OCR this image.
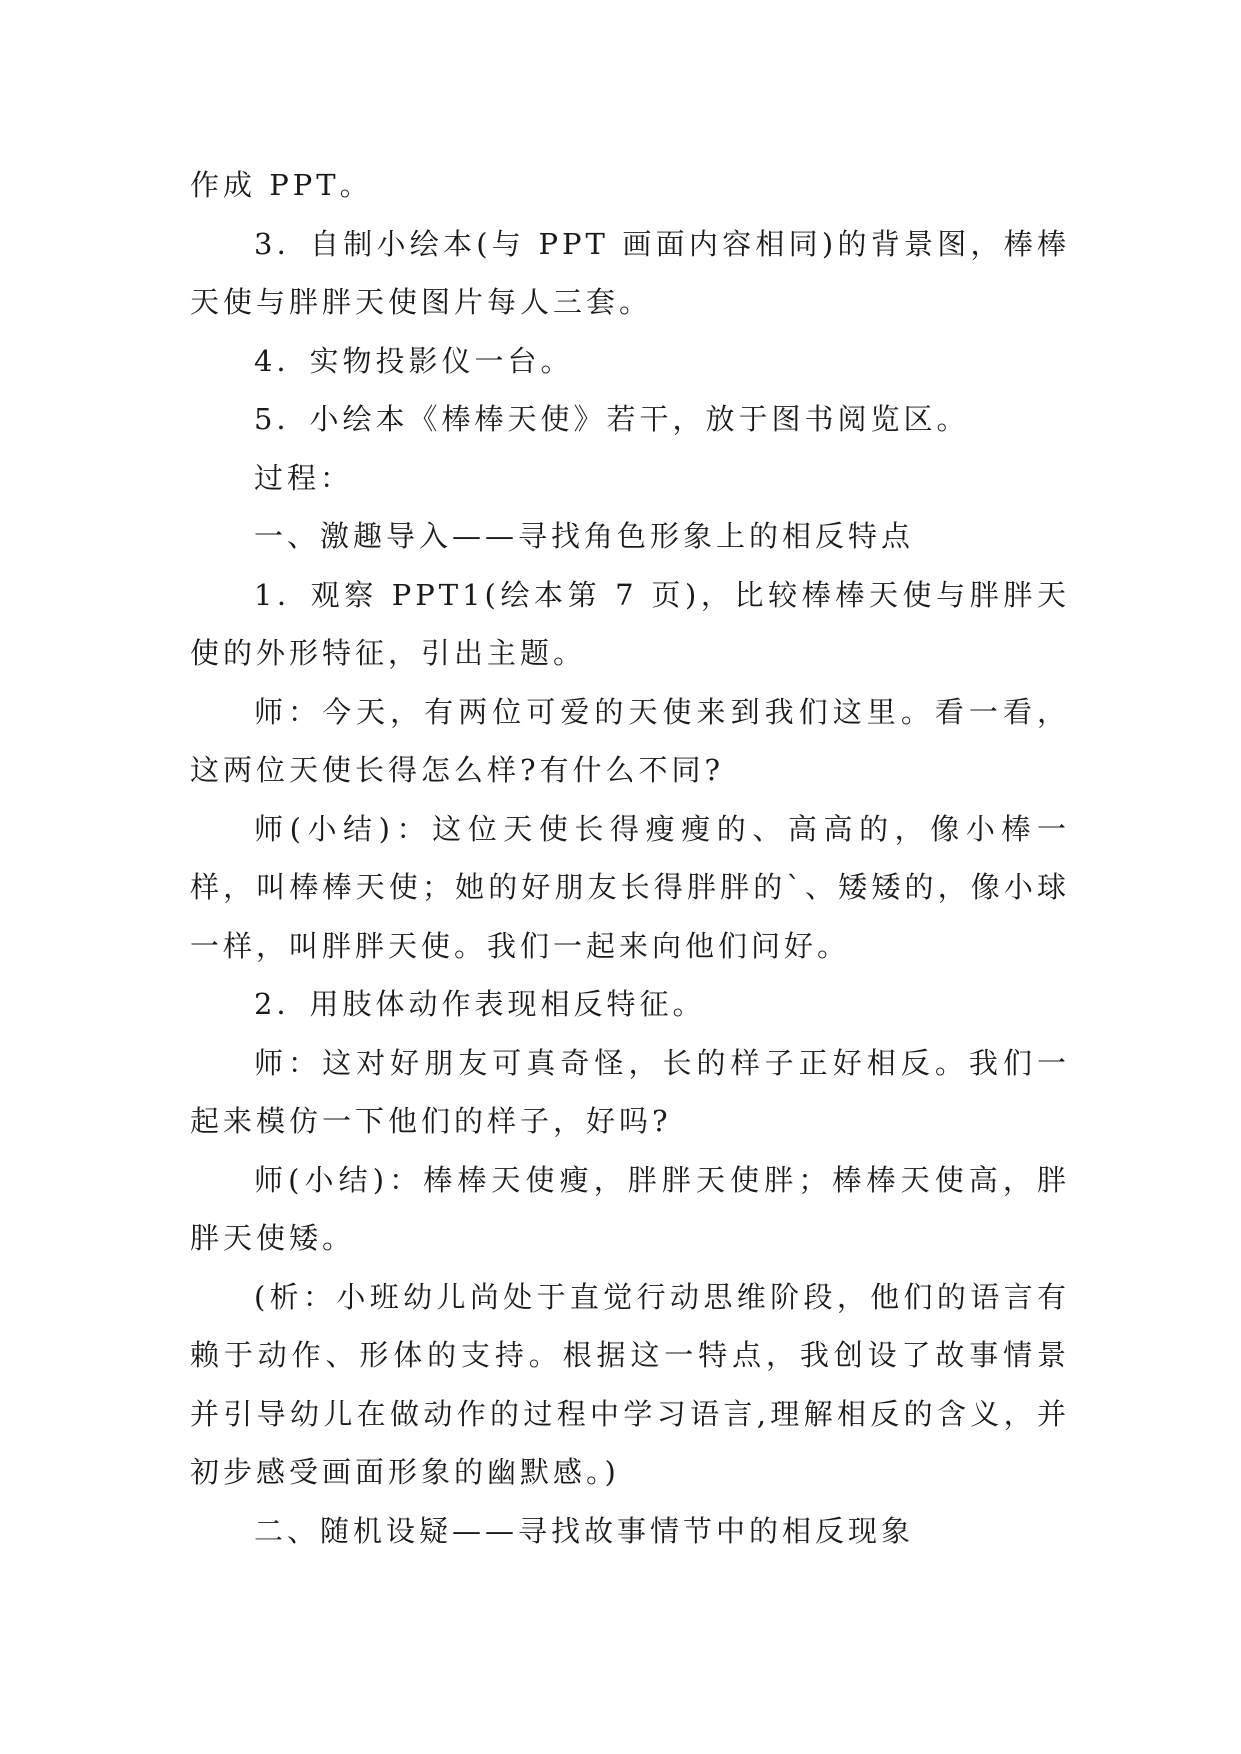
作成 PPT。

3．自制小绘本(与 PPT 画面内容相同)的背景图，棒棒天使与胖胖天使图片每人三套。

4．实物投影仪一台。

5．小绘本《棒棒天使》若干，放于图书阅览区。

过程：

一、激趣导入——寻找角色形象上的相反特点

1．观察 PPT1(绘本第 7 页)，比较棒棒天使与胖胖天使的外形特征，引出主题。

师：今天，有两位可爱的天使来到我们这里。看一看，这两位天使长得怎么样?有什么不同?

师(小结)：这位天使长得瘦瘦的、高高的，像小棒一样，叫棒棒天使；她的好朋友长得胖胖的`、矮矮的，像小球一样，叫胖胖天使。我们一起来向他们问好。

2．用肢体动作表现相反特征。

师：这对好朋友可真奇怪，长的样子正好相反。我们一起来模仿一下他们的样子，好吗?

师(小结)：棒棒天使瘦，胖胖天使胖；棒棒天使高，胖胖天使矮。

(析：小班幼儿尚处于直觉行动思维阶段，他们的语言有赖于动作、形体的支持。根据这一特点，我创设了故事情景并引导幼儿在做动作的过程中学习语言,理解相反的含义，并初步感受画面形象的幽默感。)

二、随机设疑——寻找故事情节中的相反现象
